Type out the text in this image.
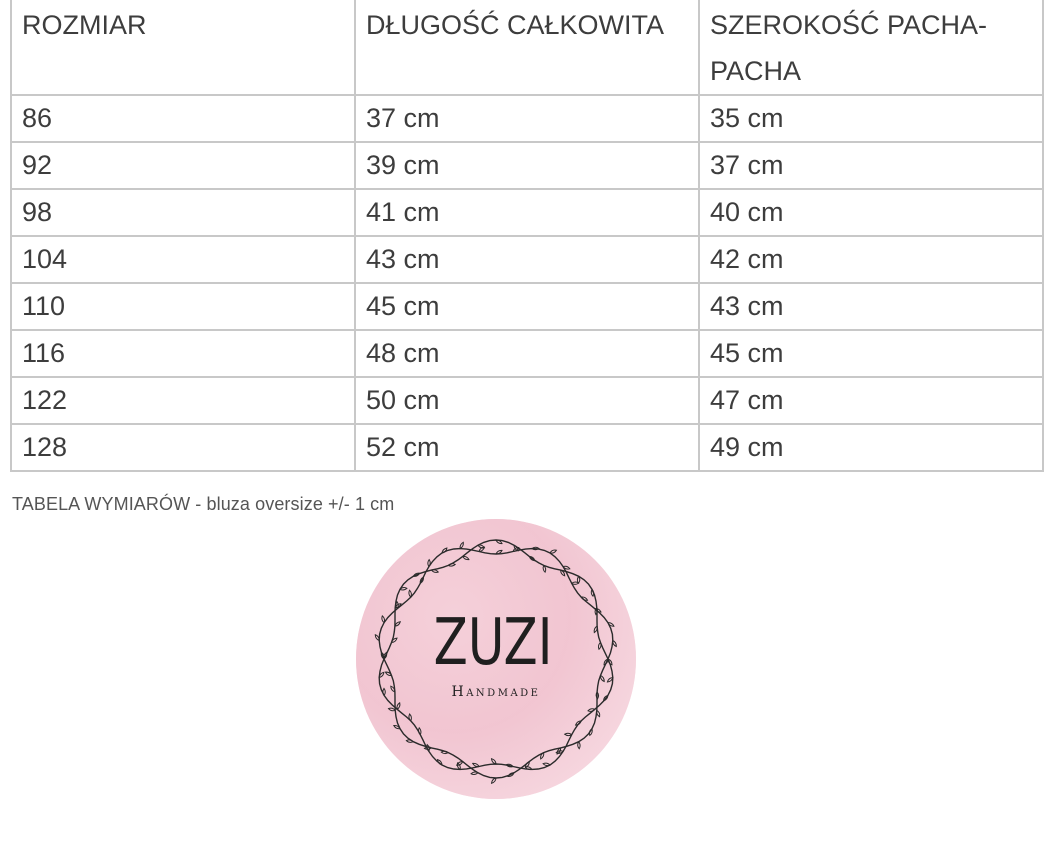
ROZMIAR	DŁUGOŚĆ CAŁKOWITA	SZEROKOŚĆ PACHA-PACHA
86	37 cm	35 cm
92	39 cm	37 cm
98	41 cm	40 cm
104	43 cm	42 cm
110	45 cm	43 cm
116	48 cm	45 cm
122	50 cm	47 cm
128	52 cm	49 cm
TABELA WYMIARÓW - bluza oversize +/- 1 cm
ZUZI
Handmade
